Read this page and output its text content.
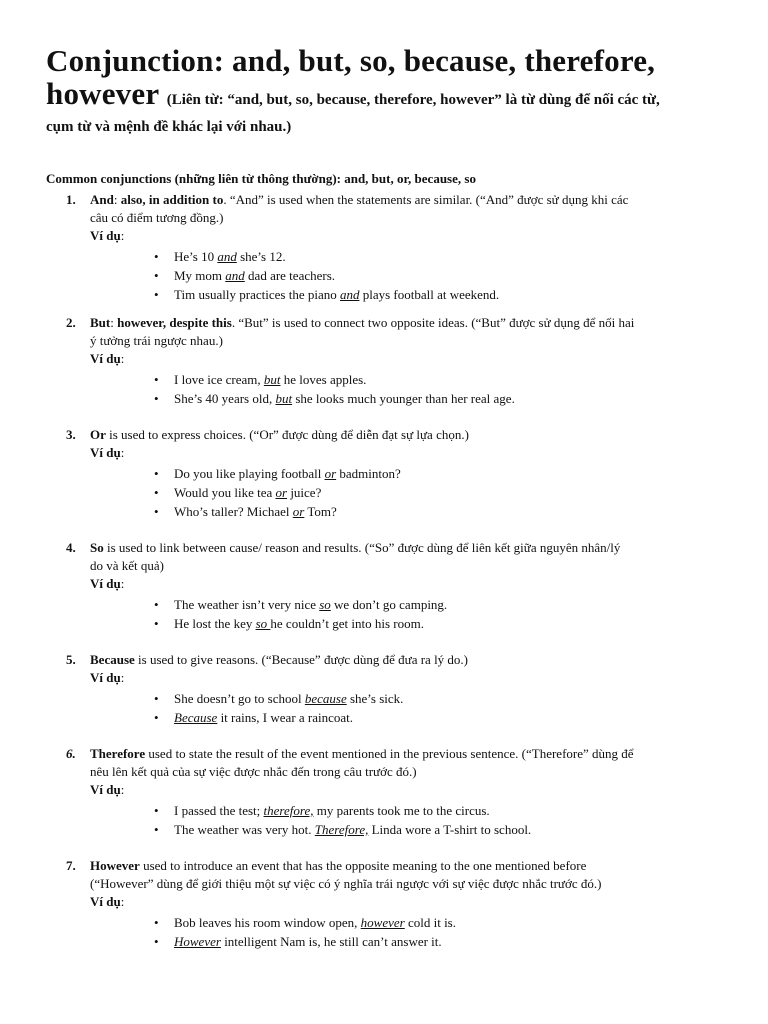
Conjunction: and, but, so, because, therefore,
however (Liên từ: “and, but, so, because, therefore, however” là từ dùng để nối các từ,

cụm từ và mệnh đề khác lại với nhau.)

Common conjunctions (những liên từ thông thường): and, but, or, because, so

1. And: also, in addition to. “And” is used when the statements are similar. (“And” được sử dụng khi các
câu có điểm tương đồng.)

Ví dụ:

• He’s 10 and she’s 12.
• My mom and dad are teachers.
• Tim usually practices the piano and plays football at weekend.
2. But: however, despite this. “But” is used to connect two opposite ideas. (“But” được sử dụng để nối hai
ý tưởng trái ngược nhau.)

Ví dụ:

• I love ice cream, but he loves apples.
• She’s 40 years old, but she looks much younger than her real age.
3. Or is used to express choices. (“Or” được dùng để diễn đạt sự lựa chọn.)

Ví dụ:

• Do you like playing football or badminton?
• Would you like tea or juice?
• Who’s taller? Michael or Tom?
4. So is used to link between cause/ reason and results. (“So” được dùng để liên kết giữa nguyên nhân/lý
do và kết quả)

Ví dụ:

• The weather isn’t very nice so we don’t go camping.
• He lost the key so he couldn’t get into his room.
5. Because is used to give reasons. (“Because” được dùng để đưa ra lý do.)

Ví dụ:

• She doesn’t go to school because she’s sick.
• Because it rains, I wear a raincoat.
6. Therefore used to state the result of the event mentioned in the previous sentence. (“Therefore” dùng để
nêu lên kết quả của sự việc được nhắc đến trong câu trước đó.)

Ví dụ:

• I passed the test; therefore, my parents took me to the circus.
• The weather was very hot. Therefore, Linda wore a T-shirt to school.
7. However used to introduce an event that has the opposite meaning to the one mentioned before
(“However” dùng để giới thiệu một sự việc có ý nghĩa trái ngược với sự việc được nhắc trước đó.)

Ví dụ:

• Bob leaves his room window open, however cold it is.
• However intelligent Nam is, he still can’t answer it.
